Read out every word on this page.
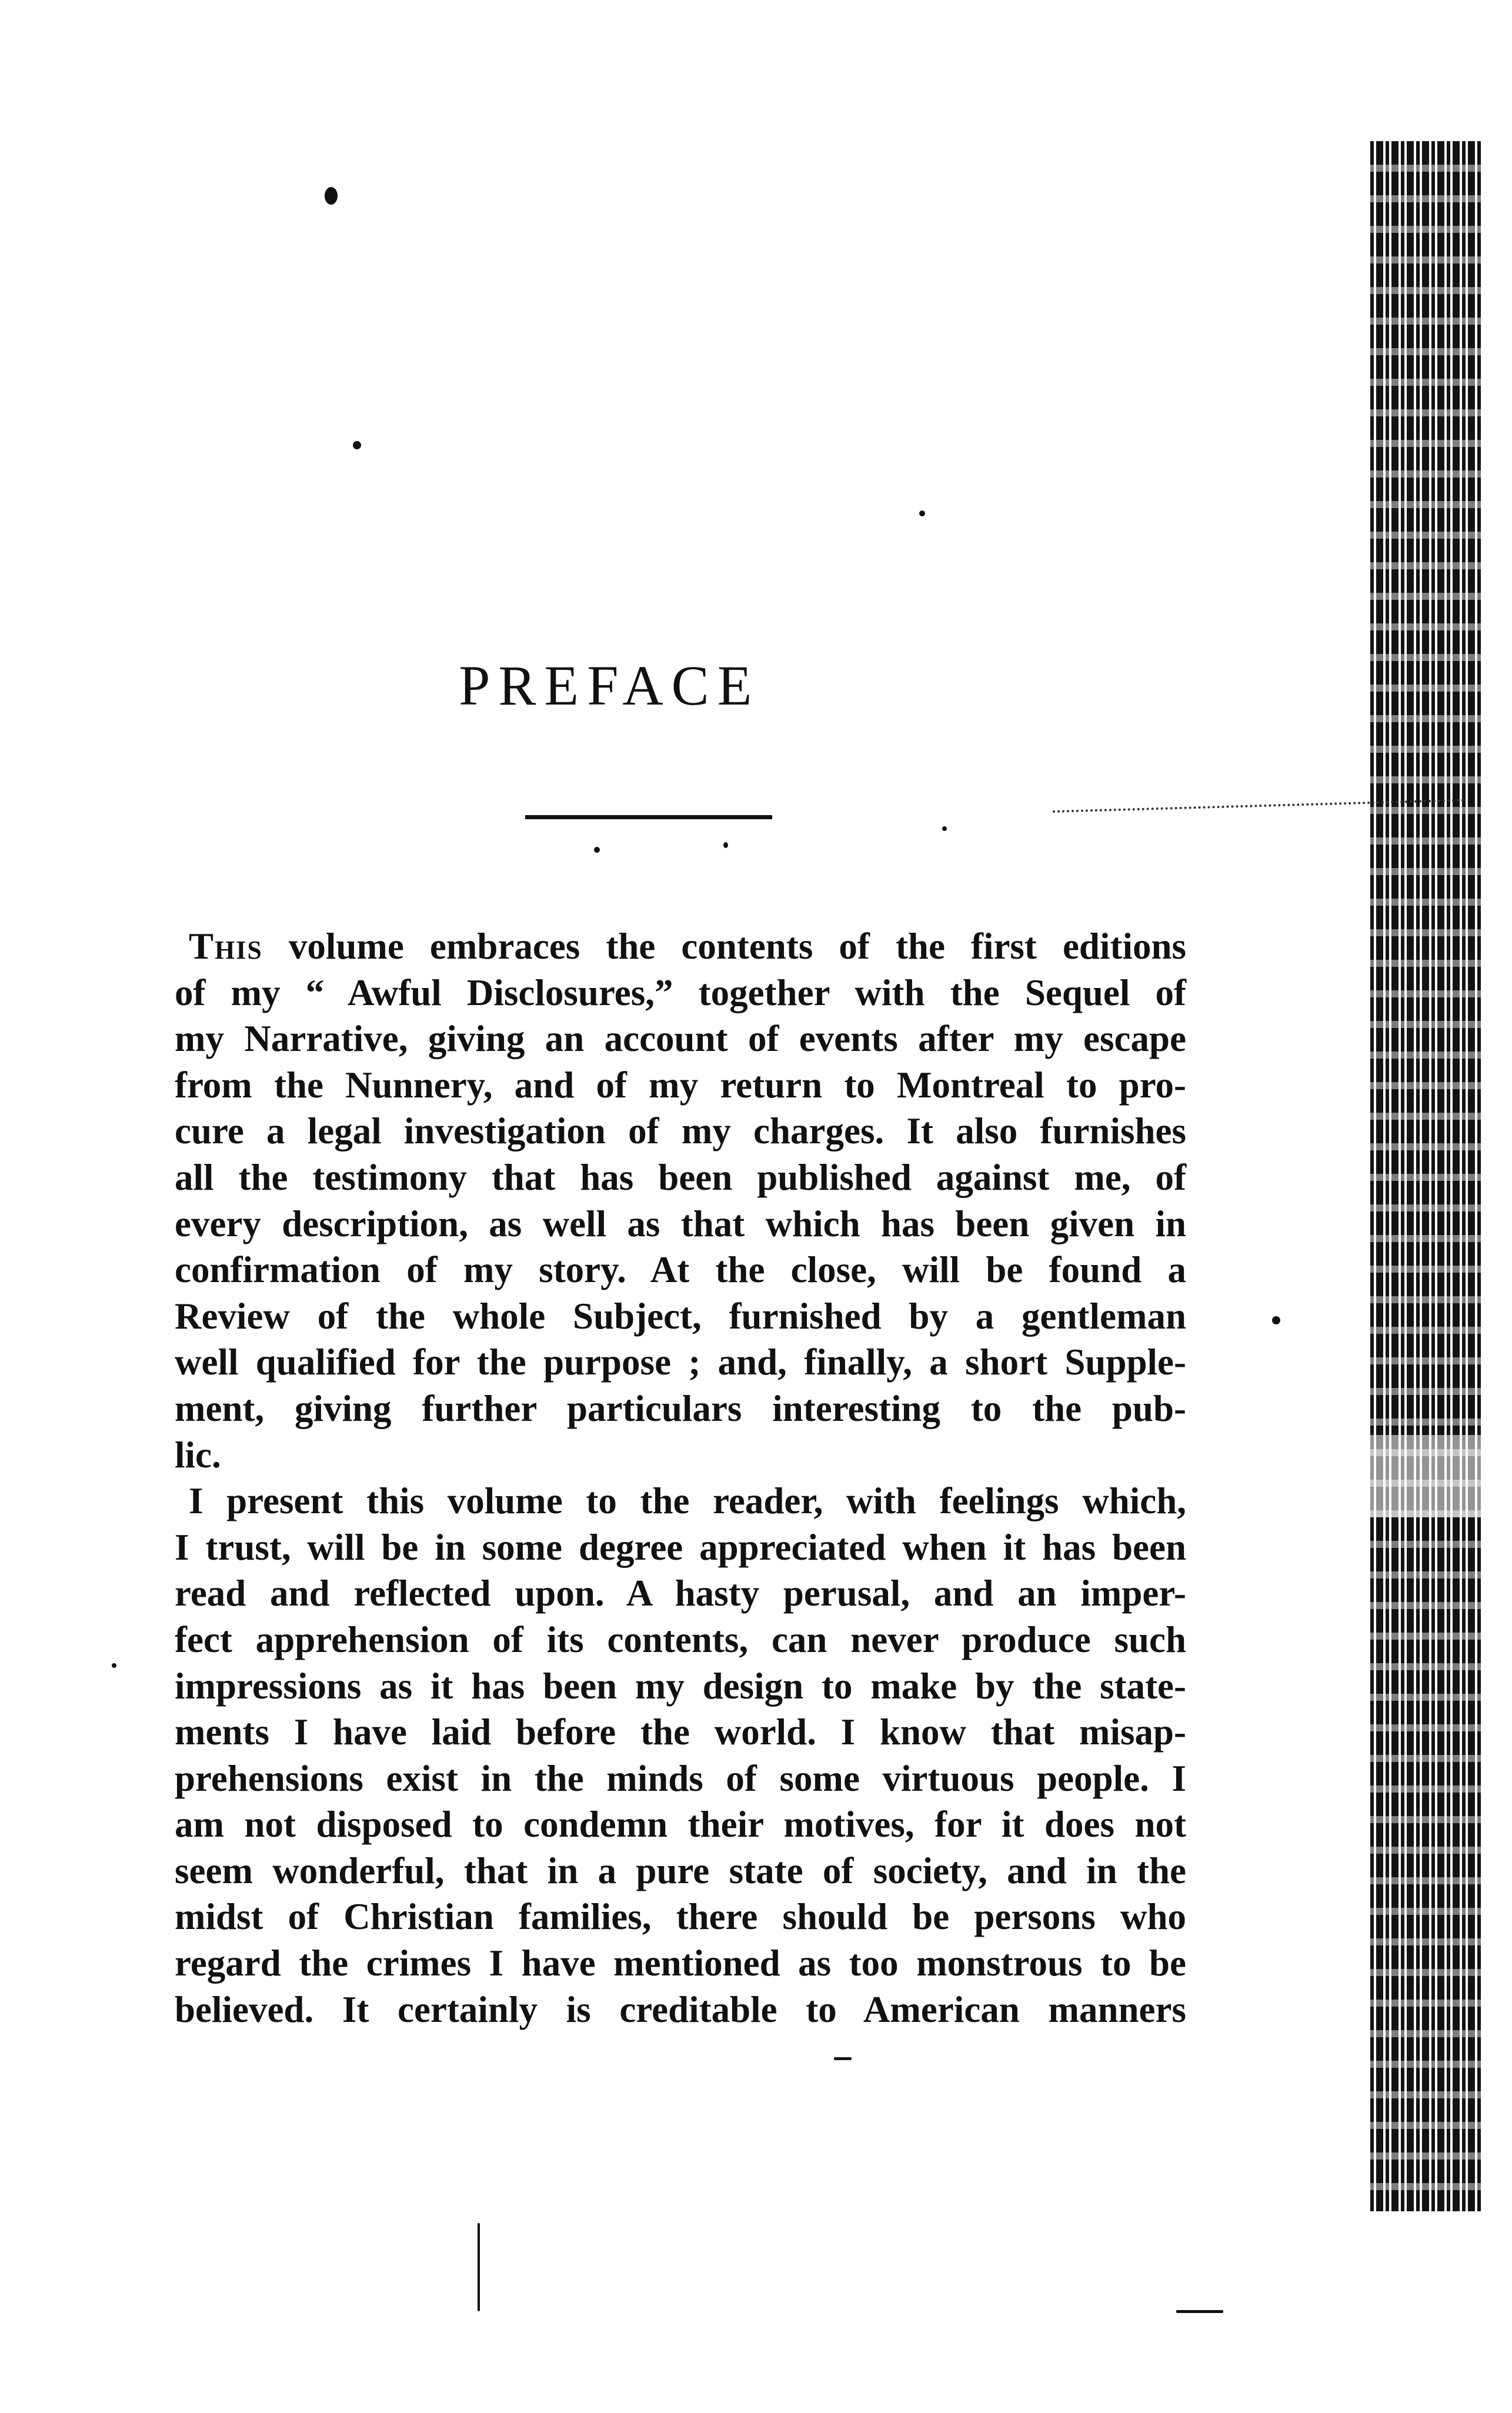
PREFACE
This volume embraces the contents of the first editions
of my “ Awful Disclosures,” together with the Sequel of
my Narrative, giving an account of events after my escape
from the Nunnery, and of my return to Montreal to pro-
cure a legal investigation of my charges. It also furnishes
all the testimony that has been published against me, of
every description, as well as that which has been given in
confirmation of my story. At the close, will be found a
Review of the whole Subject, furnished by a gentleman
well qualified for the purpose ; and, finally, a short Supple-
ment, giving further particulars interesting to the pub-
lic.
I present this volume to the reader, with feelings which,
I trust, will be in some degree appreciated when it has been
read and reflected upon. A hasty perusal, and an imper-
fect apprehension of its contents, can never produce such
impressions as it has been my design to make by the state-
ments I have laid before the world. I know that misap-
prehensions exist in the minds of some virtuous people. I
am not disposed to condemn their motives, for it does not
seem wonderful, that in a pure state of society, and in the
midst of Christian families, there should be persons who
regard the crimes I have mentioned as too monstrous to be
believed. It certainly is creditable to American manners
